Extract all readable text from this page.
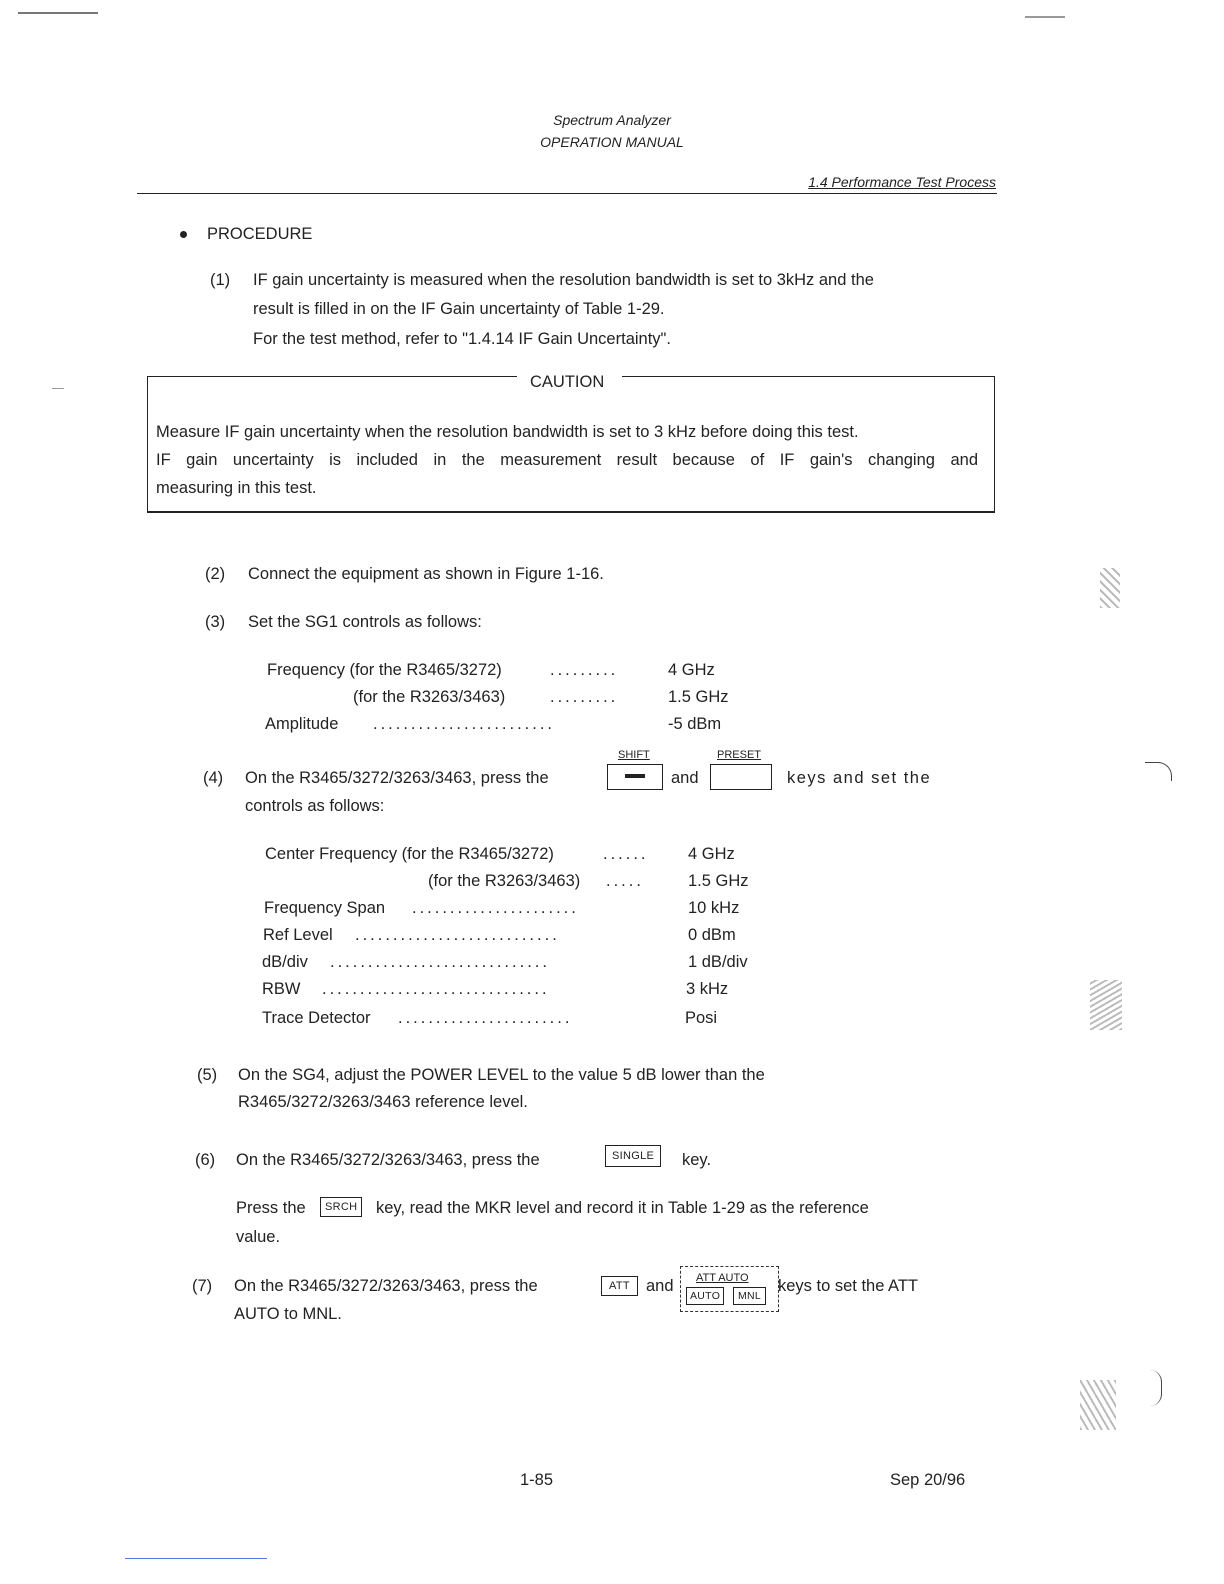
Spectrum Analyzer
OPERATION MANUAL
1.4 Performance Test Process
PROCEDURE
(1) IF gain uncertainty is measured when the resolution bandwidth is set to 3kHz and the
result is filled in on the IF Gain uncertainty of Table 1-29.
For the test method, refer to "1.4.14 IF Gain Uncertainty".
CAUTION
Measure IF gain uncertainty when the resolution bandwidth is set to 3 kHz before doing this test.
IF gain uncertainty is included in the measurement result because of IF gain's changing and
measuring in this test.
(2) Connect the equipment as shown in Figure 1-16.
(3) Set the SG1 controls as follows:
Frequency (for the R3465/3272)	.........	4 GHz
(for the R3263/3463)	.........	1.5 GHz
Amplitude ........................	-5 dBm
SHIFT	PRESET
(4) On the R3465/3272/3263/3463, press the	and	keys and set the
controls as follows:
Center Frequency (for the R3465/3272)	...... 4 GHz
(for the R3263/3463) .....	1.5 GHz
Frequency Span ......................	10 kHz
Ref Level ...........................	0 dBm
dB/div .............................	1 dB/div
RBW ..............................	3 kHz
Trace Detector .......................	Posi
(5) On the SG4, adjust the POWER LEVEL to the value 5 dB lower than the
R3465/3272/3263/3463 reference level.
(6) On the R3465/3272/3263/3463, press the	SINGLE	key.
Press the	SRCH	key, read the MKR level and record it in Table 1-29 as the reference
value.
ATT AUTO
AUTO	MNL
(7) On the R3465/3272/3263/3463, press the	ATT and	keys to set the ATT
AUTO to MNL.
1-85	Sep 20/96
